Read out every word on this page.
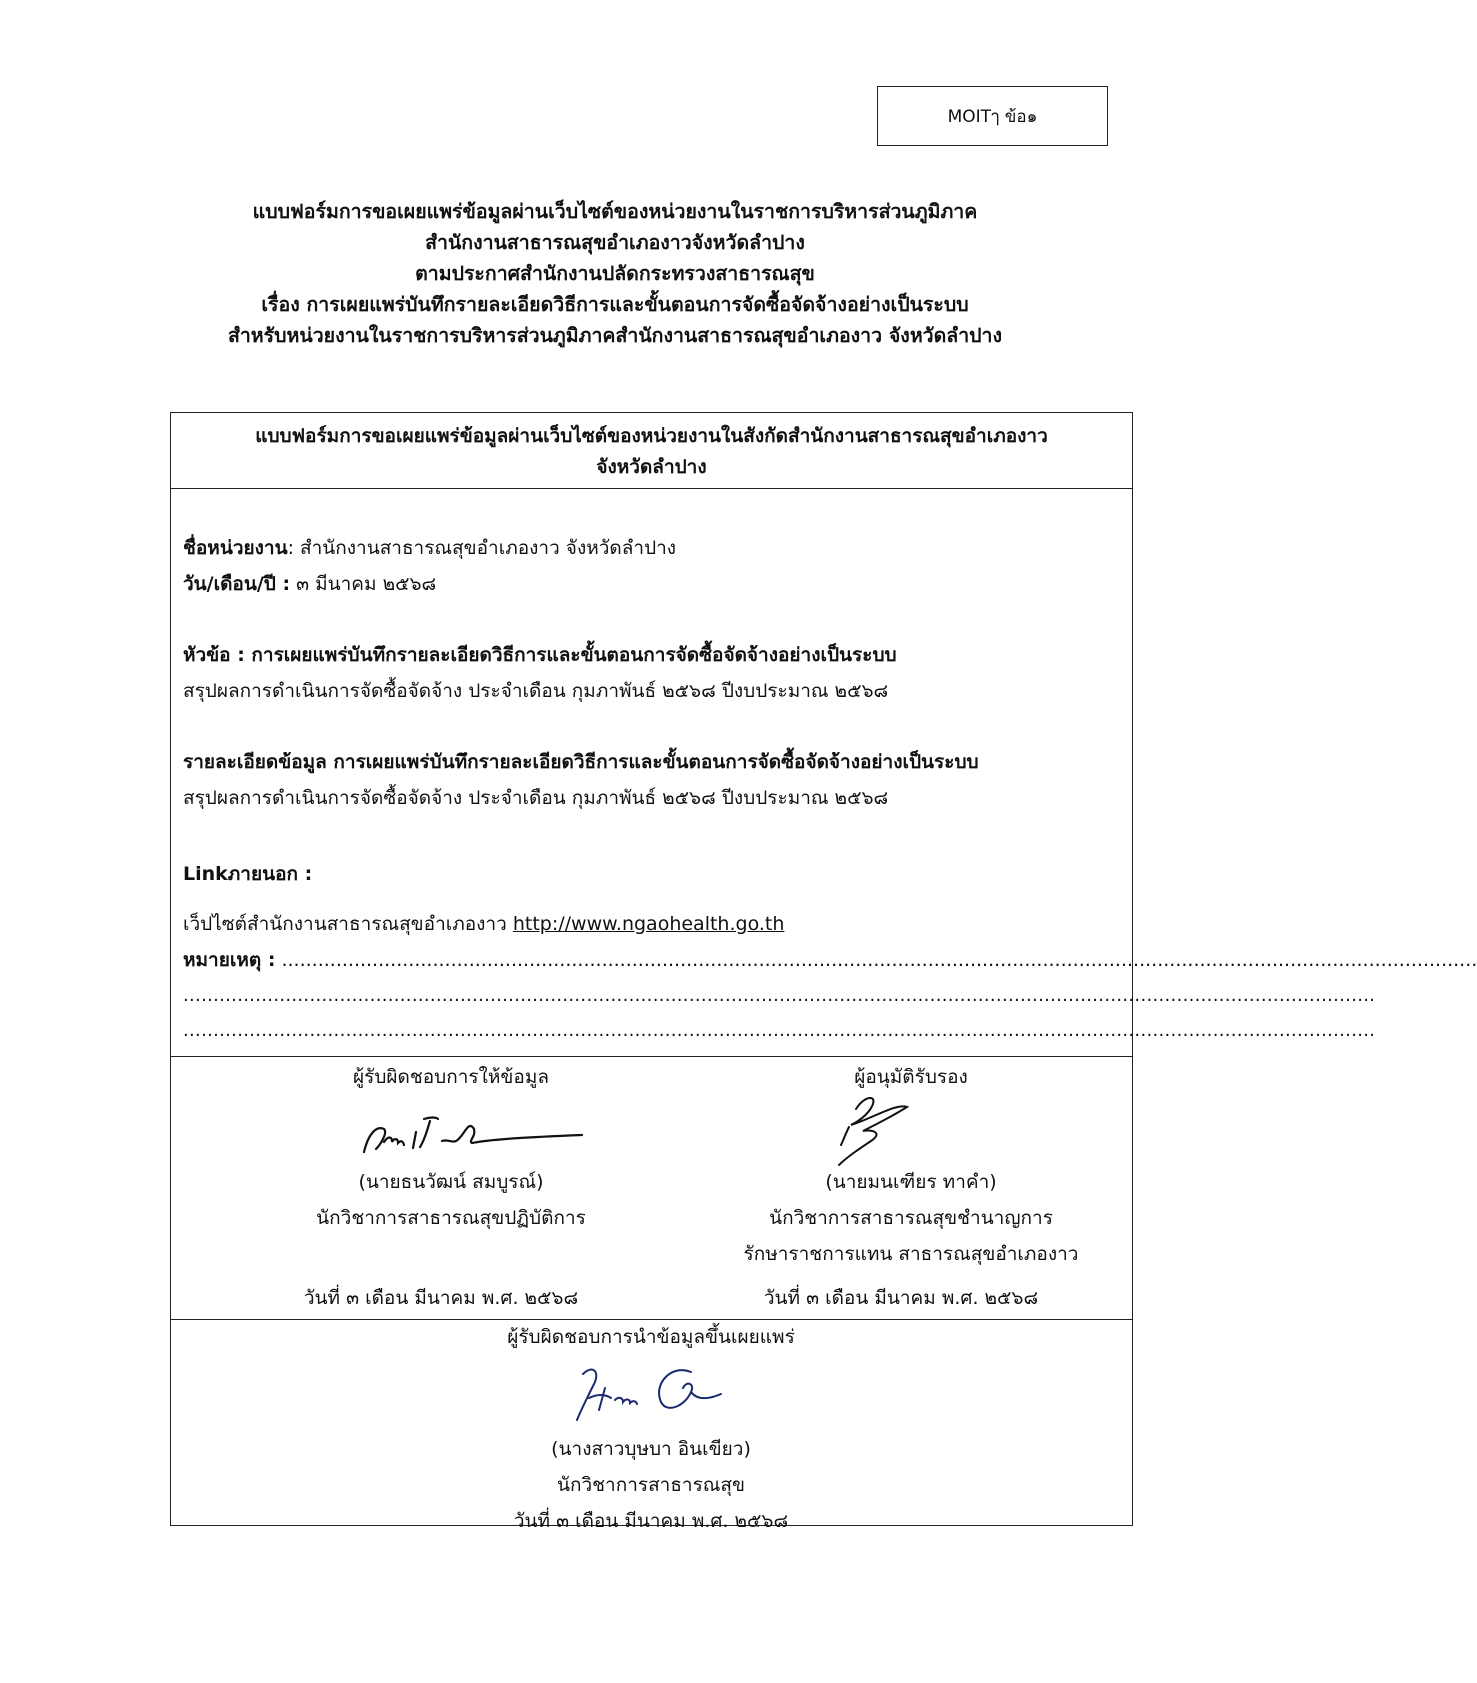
MOITๅ ข้อ๑
แบบฟอร์มการขอเผยแพร่ข้อมูลผ่านเว็บไซต์ของหน่วยงานในราชการบริหารส่วนภูมิภาค
สำนักงานสาธารณสุขอำเภองาวจังหวัดลำปาง
ตามประกาศสำนักงานปลัดกระทรวงสาธารณสุข
เรื่อง การเผยแพร่บันทึกรายละเอียดวิธีการและขั้นตอนการจัดซื้อจัดจ้างอย่างเป็นระบบ
สำหรับหน่วยงานในราชการบริหารส่วนภูมิภาคสำนักงานสาธารณสุขอำเภองาว จังหวัดลำปาง
แบบฟอร์มการขอเผยแพร่ข้อมูลผ่านเว็บไซต์ของหน่วยงานในสังกัดสำนักงานสาธารณสุขอำเภองาว
จังหวัดลำปาง
ชื่อหน่วยงาน: สำนักงานสาธารณสุขอำเภองาว จังหวัดลำปาง
วัน/เดือน/ปี : ๓ มีนาคม ๒๕๖๘
หัวข้อ : การเผยแพร่บันทึกรายละเอียดวิธีการและขั้นตอนการจัดซื้อจัดจ้างอย่างเป็นระบบ
สรุปผลการดำเนินการจัดซื้อจัดจ้าง ประจำเดือน กุมภาพันธ์ ๒๕๖๘ ปีงบประมาณ ๒๕๖๘
รายละเอียดข้อมูล การเผยแพร่บันทึกรายละเอียดวิธีการและขั้นตอนการจัดซื้อจัดจ้างอย่างเป็นระบบ
สรุปผลการดำเนินการจัดซื้อจัดจ้าง ประจำเดือน กุมภาพันธ์ ๒๕๖๘ ปีงบประมาณ ๒๕๖๘
Linkภายนอก :
เว็ปไซต์สำนักงานสาธารณสุขอำเภองาว http://www.ngaohealth.go.th
หมายเหตุ : ......................................................................................................................................................................................................
......................................................................................................................................................................................................
......................................................................................................................................................................................................
ผู้รับผิดชอบการให้ข้อมูล
(นายธนวัฒน์ สมบูรณ์)
นักวิชาการสาธารณสุขปฏิบัติการ
วันที่ ๓ เดือน มีนาคม พ.ศ. ๒๕๖๘
ผู้อนุมัติรับรอง
(นายมนเฑียร ทาคำ)
นักวิชาการสาธารณสุขชำนาญการ
รักษาราชการแทน สาธารณสุขอำเภองาว
วันที่ ๓ เดือน มีนาคม พ.ศ. ๒๕๖๘
ผู้รับผิดชอบการนำข้อมูลขึ้นเผยแพร่
(นางสาวบุษบา อินเขียว)
นักวิชาการสาธารณสุข
วันที่ ๓ เดือน มีนาคม พ.ศ. ๒๕๖๘
